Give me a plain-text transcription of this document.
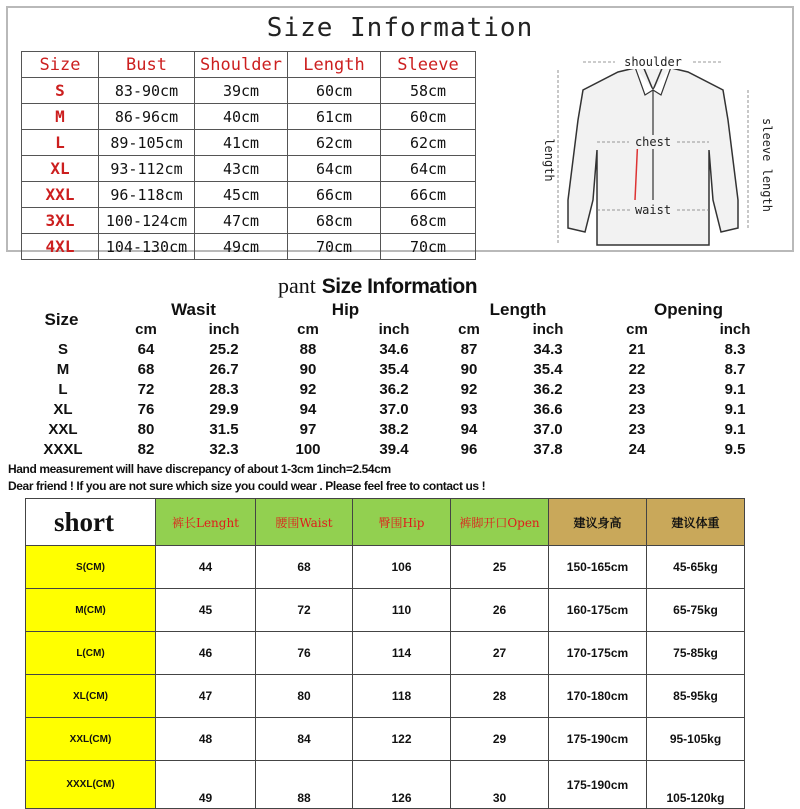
Size Information
Size	Bust	Shoulder	Length	Sleeve
S	83-90cm	39cm	60cm	58cm
M	86-96cm	40cm	61cm	60cm
L	89-105cm	41cm	62cm	62cm
XL	93-112cm	43cm	64cm	64cm
XXL	96-118cm	45cm	66cm	66cm
3XL	100-124cm	47cm	68cm	68cm
4XL	104-130cm	49cm	70cm	70cm
shoulder
chest
waist
length	sleeve length
pant Size Information
Size
Wasit	Hip	Length	Opening
cm	inch	cm	inch	cm	inch	cm	inch
S	64	25.2	88	34.6	87	34.3	21	8.3
M	68	26.7	90	35.4	90	35.4	22	8.7
L	72	28.3	92	36.2	92	36.2	23	9.1
XL	76	29.9	94	37.0	93	36.6	23	9.1
XXL	80	31.5	97	38.2	94	37.0	23	9.1
XXXL	82	32.3	100	39.4	96	37.8	24	9.5
Hand measurement will have discrepancy of about 1-3cm 1inch=2.54cm
Dear friend ! If you are not sure which size you could wear . Please feel free to contact us !
short	裤长Lenght	腰围Waist	臀围Hip	裤脚开口Open	建议身高	建议体重
S(CM)	44	68	106	25	150-165cm	45-65kg
M(CM)	45	72	110	26	160-175cm	65-75kg
L(CM)	46	76	114	27	170-175cm	75-85kg
XL(CM)	47	80	118	28	170-180cm	85-95kg
XXL(CM)	48	84	122	29	175-190cm	95-105kg
XXXL(CM)	49	88	126	30	175-190cm	105-120kg
